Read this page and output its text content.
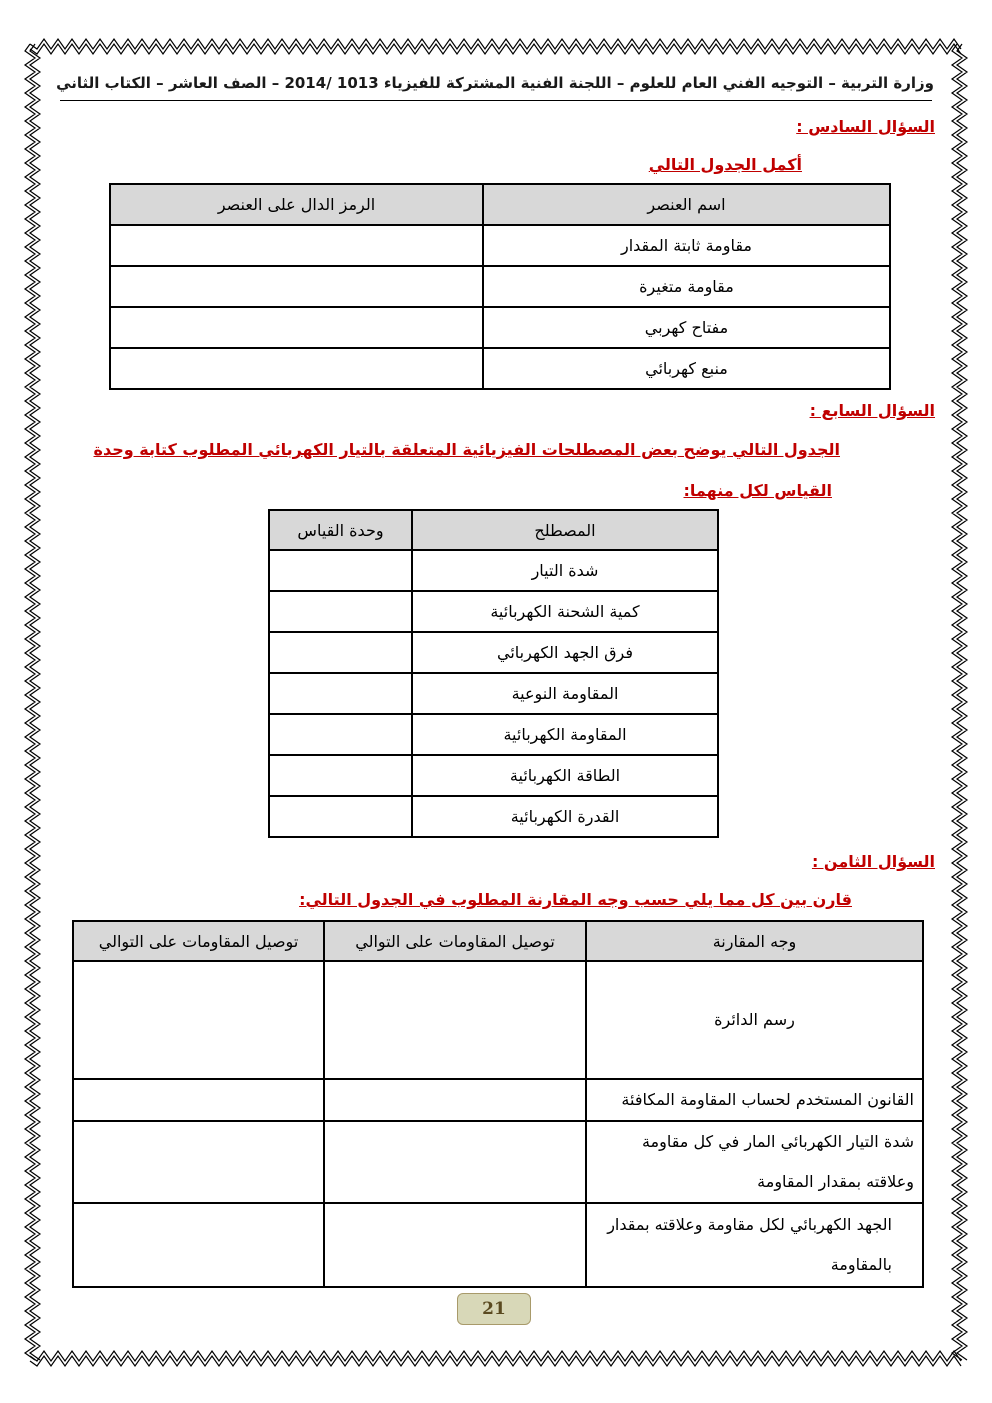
وزارة التربية – التوجيه الفني العام للعلوم – اللجنة الفنية المشتركة للفيزياء 1013 /2014 – الصف العاشر – الكتاب الثاني
السؤال السادس :
أكمل الجدول التالي
اسم العنصر	الرمز الدال على العنصر
مقاومة ثابتة المقدار	
مقاومة متغيرة	
مفتاح كهربي	
منبع كهربائي	
السؤال السابع :
الجدول التالي يوضح بعض المصطلحات الفيزيائية المتعلقة بالتيار الكهربائي المطلوب كتابة وحدة
القياس لكل منهما:
المصطلح	وحدة القياس
شدة التيار	
كمية الشحنة الكهربائية	
فرق الجهد الكهربائي	
المقاومة النوعية	
المقاومة الكهربائية	
الطاقة الكهربائية	
القدرة الكهربائية	
السؤال الثامن :
قارن بين كل مما يلي حسب وجه المقارنة المطلوب في الجدول التالي:
وجه المقارنة	توصيل المقاومات على التوالي	توصيل المقاومات على التوالي
رسم الدائرة		
القانون المستخدم لحساب المقاومة المكافئة		
شدة التيار الكهربائي المار في كل مقاومة وعلاقته بمقدار المقاومة		
الجهد الكهربائي لكل مقاومة وعلاقته بمقدار بالمقاومة		
21
